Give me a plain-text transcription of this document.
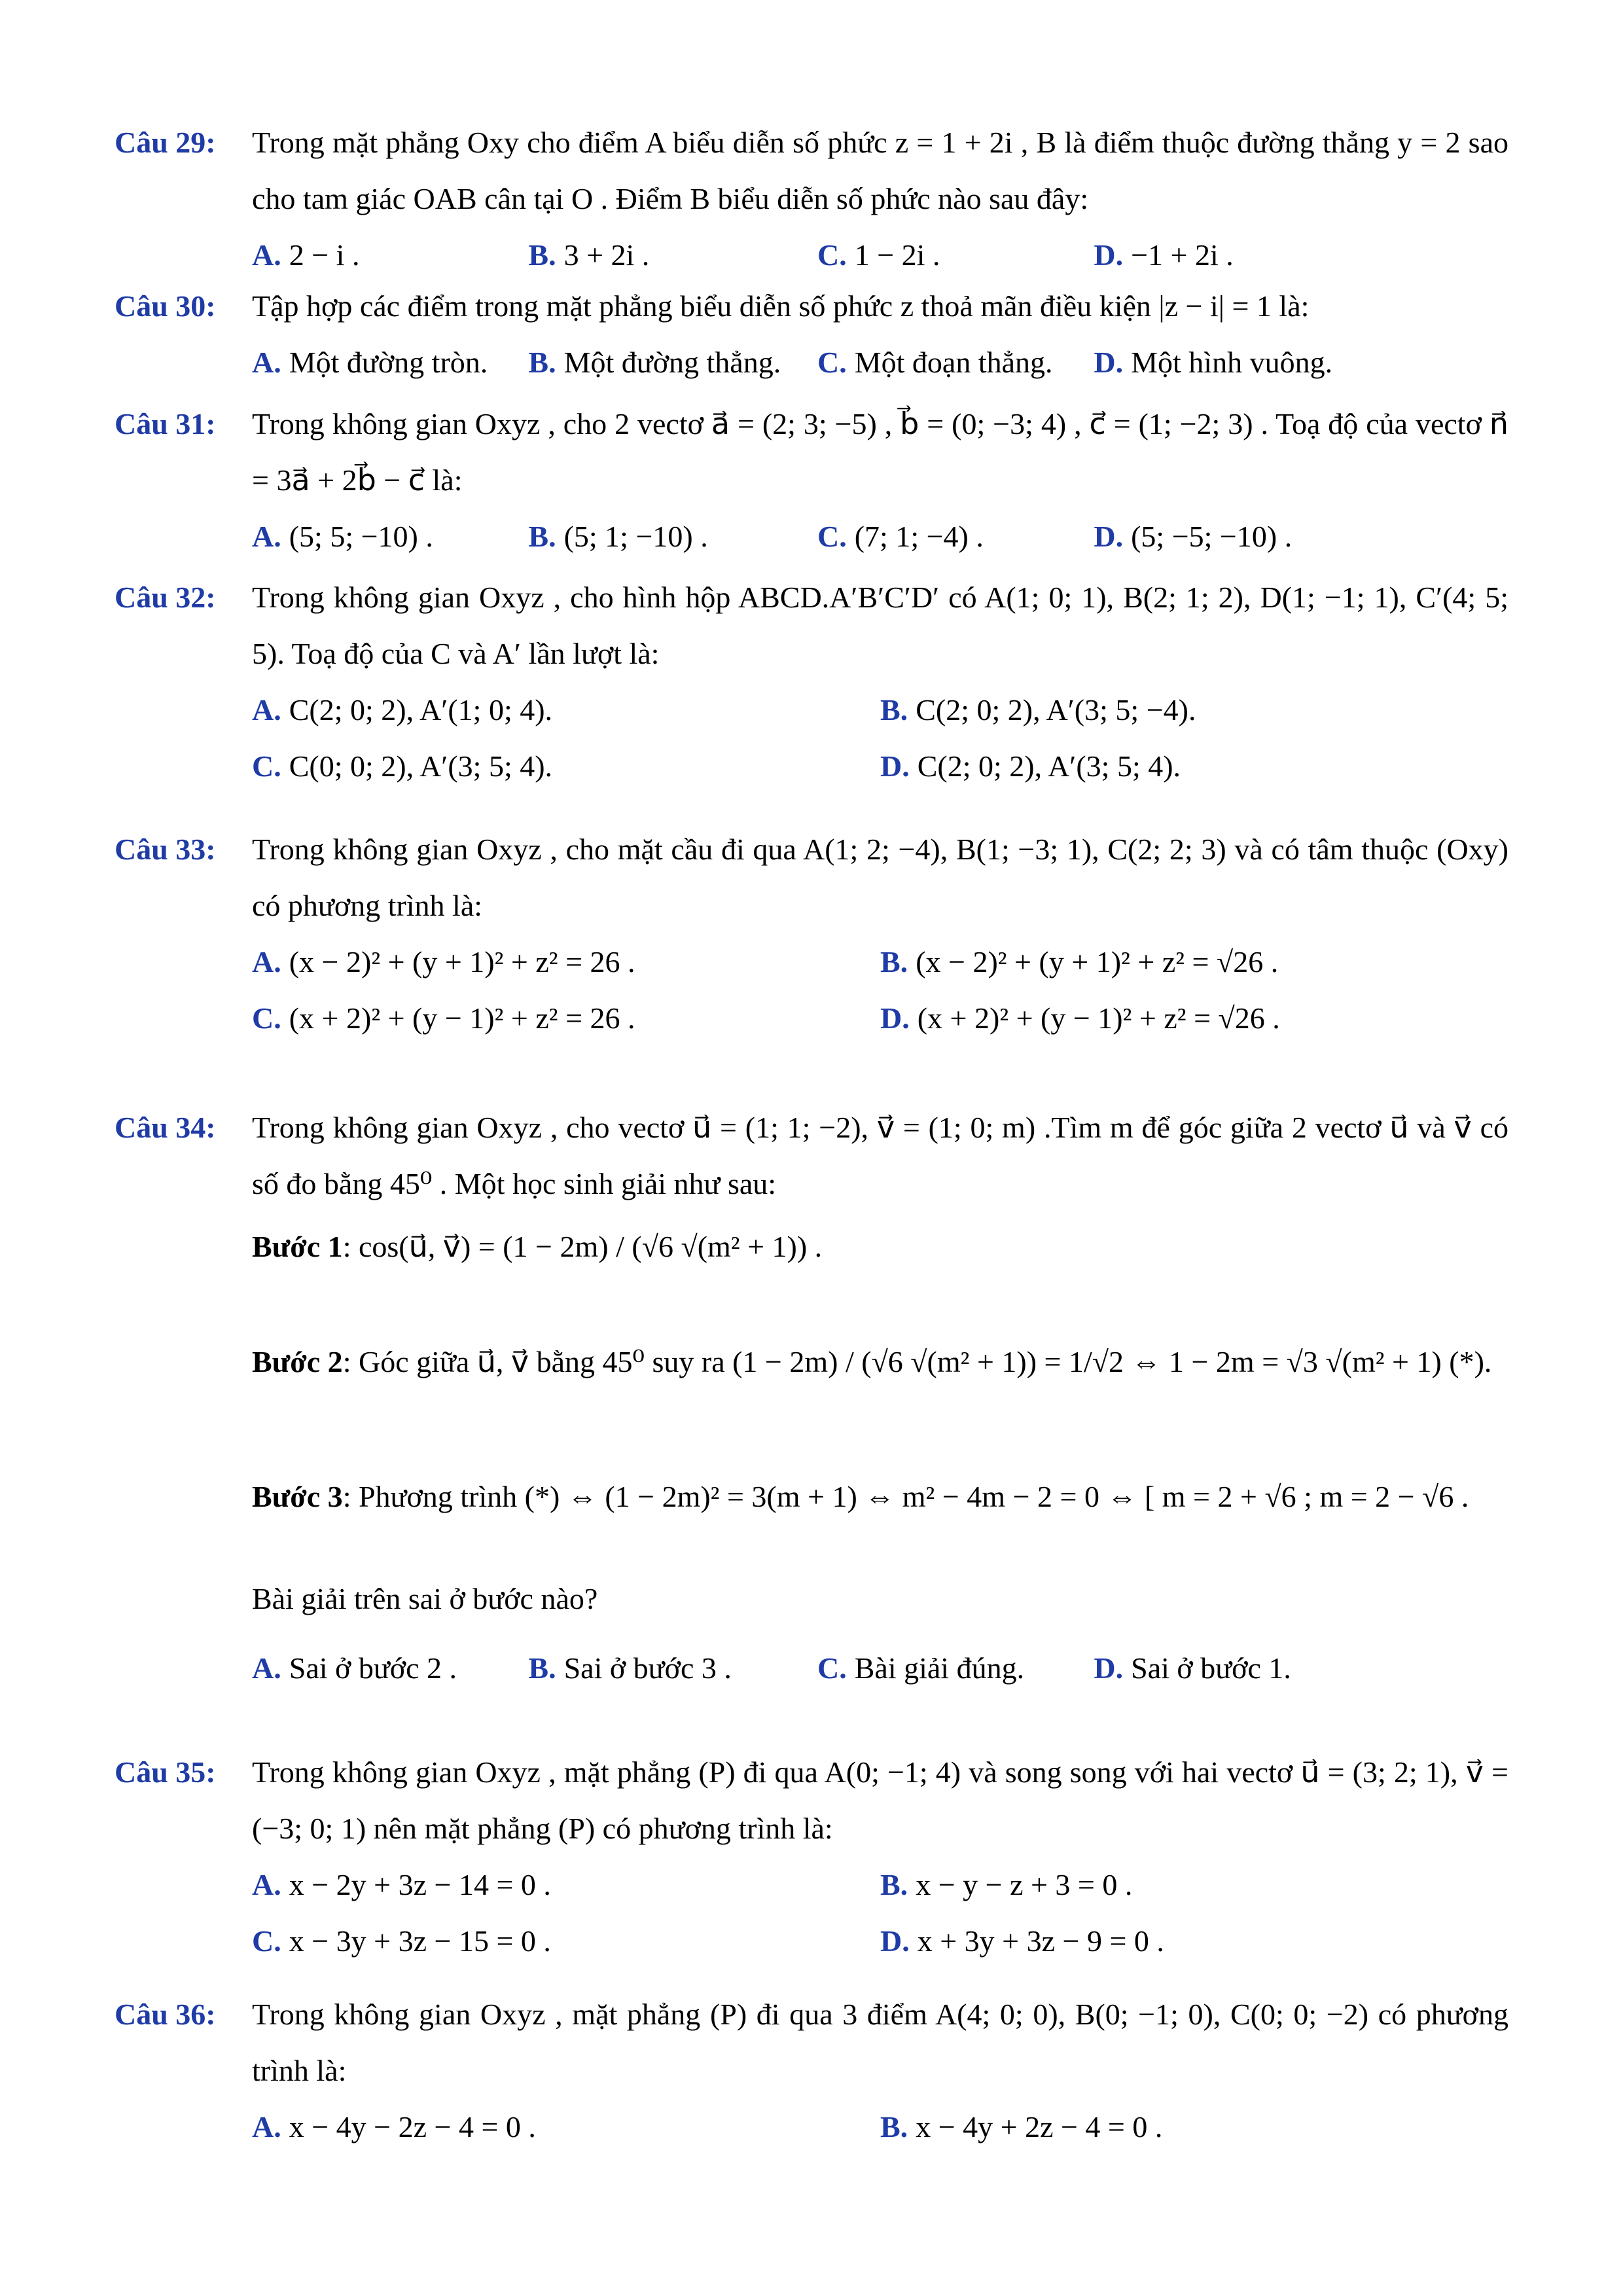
Câu 29: Trong mặt phẳng Oxy cho điểm A biểu diễn số phức z = 1 + 2i , B là điểm thuộc đường thẳng y = 2 sao cho tam giác OAB cân tại O . Điểm B biểu diễn số phức nào sau đây:
A. 2 − i .	B. 3 + 2i .	C. 1 − 2i .	D. −1 + 2i .
Câu 30: Tập hợp các điểm trong mặt phẳng biểu diễn số phức z thoả mãn điều kiện |z − i| = 1 là:
A. Một đường tròn.	B. Một đường thẳng.	C. Một đoạn thẳng.	D. Một hình vuông.
Câu 31: Trong không gian Oxyz , cho 2 vectơ a⃗ = (2; 3; −5) , b⃗ = (0; −3; 4) , c⃗ = (1; −2; 3) . Toạ độ của vectơ n⃗ = 3a⃗ + 2b⃗ − c⃗ là:
A. (5; 5; −10) .	B. (5; 1; −10) .	C. (7; 1; −4) .	D. (5; −5; −10) .
Câu 32: Trong không gian Oxyz , cho hình hộp ABCD.A′B′C′D′ có A(1; 0; 1), B(2; 1; 2), D(1; −1; 1), C′(4; 5; 5). Toạ độ của C và A′ lần lượt là:
A. C(2; 0; 2), A′(1; 0; 4).	B. C(2; 0; 2), A′(3; 5; −4).
C. C(0; 0; 2), A′(3; 5; 4).	D. C(2; 0; 2), A′(3; 5; 4).
Câu 33: Trong không gian Oxyz , cho mặt cầu đi qua A(1; 2; −4), B(1; −3; 1), C(2; 2; 3) và có tâm thuộc (Oxy) có phương trình là:
A. (x − 2)² + (y + 1)² + z² = 26 .	B. (x − 2)² + (y + 1)² + z² = √26 .
C. (x + 2)² + (y − 1)² + z² = 26 .	D. (x + 2)² + (y − 1)² + z² = √26 .
Câu 34: Trong không gian Oxyz , cho vectơ u⃗ = (1; 1; −2), v⃗ = (1; 0; m) .Tìm m để góc giữa 2 vectơ u⃗ và v⃗ có số đo bằng 45⁰ . Một học sinh giải như sau:
Bước 1: cos(u⃗, v⃗) = (1 − 2m) / (√6 √(m² + 1)) .
Bước 2: Góc giữa u⃗, v⃗ bằng 45⁰ suy ra (1 − 2m) / (√6 √(m² + 1)) = 1/√2 ⇔ 1 − 2m = √3 √(m² + 1) (*).
Bước 3: Phương trình (*) ⇔ (1 − 2m)² = 3(m + 1) ⇔ m² − 4m − 2 = 0 ⇔ [ m = 2 + √6 ; m = 2 − √6 .
Bài giải trên sai ở bước nào?
A. Sai ở bước 2 .	B. Sai ở bước 3 .	C. Bài giải đúng.	D. Sai ở bước 1.
Câu 35: Trong không gian Oxyz , mặt phẳng (P) đi qua A(0; −1; 4) và song song với hai vectơ u⃗ = (3; 2; 1), v⃗ = (−3; 0; 1) nên mặt phẳng (P) có phương trình là:
A. x − 2y + 3z − 14 = 0 .	B. x − y − z + 3 = 0 .
C. x − 3y + 3z − 15 = 0 .	D. x + 3y + 3z − 9 = 0 .
Câu 36: Trong không gian Oxyz , mặt phẳng (P) đi qua 3 điểm A(4; 0; 0), B(0; −1; 0), C(0; 0; −2) có phương trình là:
A. x − 4y − 2z − 4 = 0 .	B. x − 4y + 2z − 4 = 0 .
